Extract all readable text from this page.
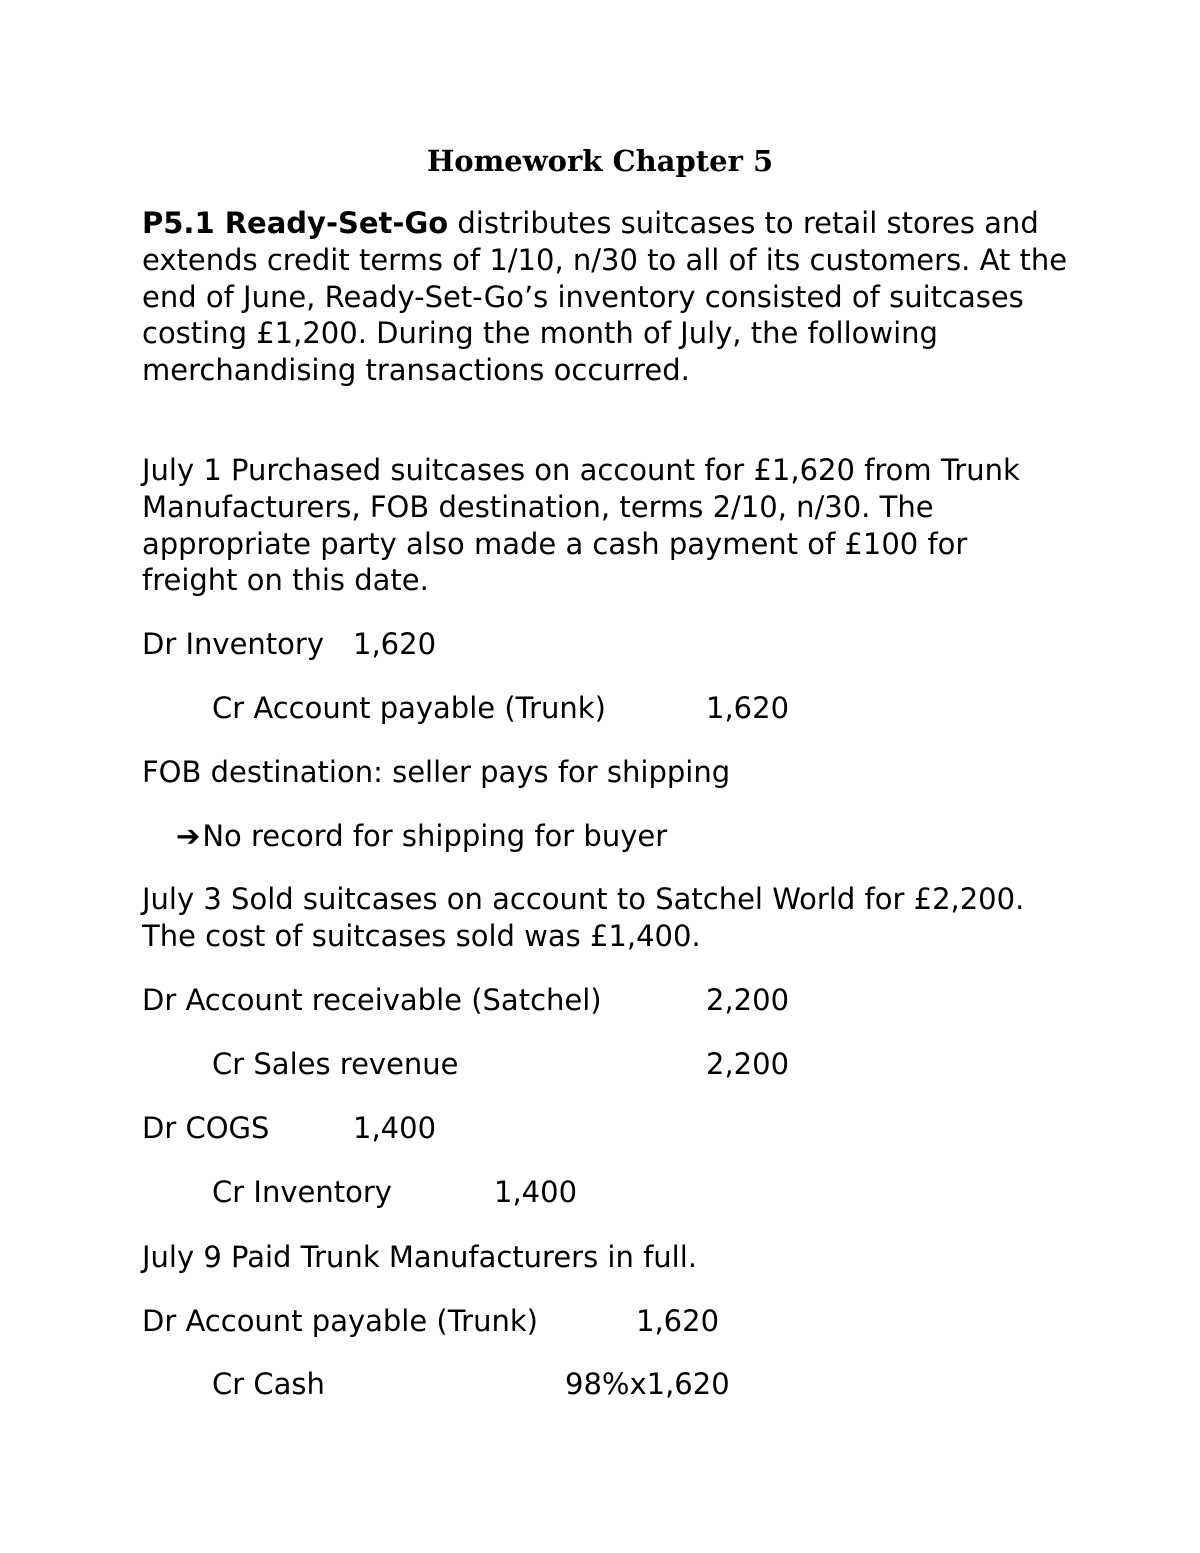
Homework Chapter 5

P5.1 Ready-Set-Go distributes suitcases to retail stores and extends credit terms of 1/10, n/30 to all of its customers. At the end of June, Ready-Set-Go’s inventory consisted of suitcases costing £1,200. During the month of July, the following merchandising transactions occurred.

July 1 Purchased suitcases on account for £1,620 from Trunk Manufacturers, FOB destination, terms 2/10, n/30. The appropriate party also made a cash payment of £100 for freight on this date.

Dr Inventory 1,620
Cr Account payable (Trunk)	1,620
FOB destination: seller pays for shipping
➔No record for shipping for buyer

July 3 Sold suitcases on account to Satchel World for £2,200. The cost of suitcases sold was £1,400.

Dr Account receivable (Satchel)	2,200
Cr Sales revenue	2,200
Dr COGS	1,400
Cr Inventory	1,400
July 9 Paid Trunk Manufacturers in full.
Dr Account payable (Trunk)	1,620
Cr Cash	98%x1,620
